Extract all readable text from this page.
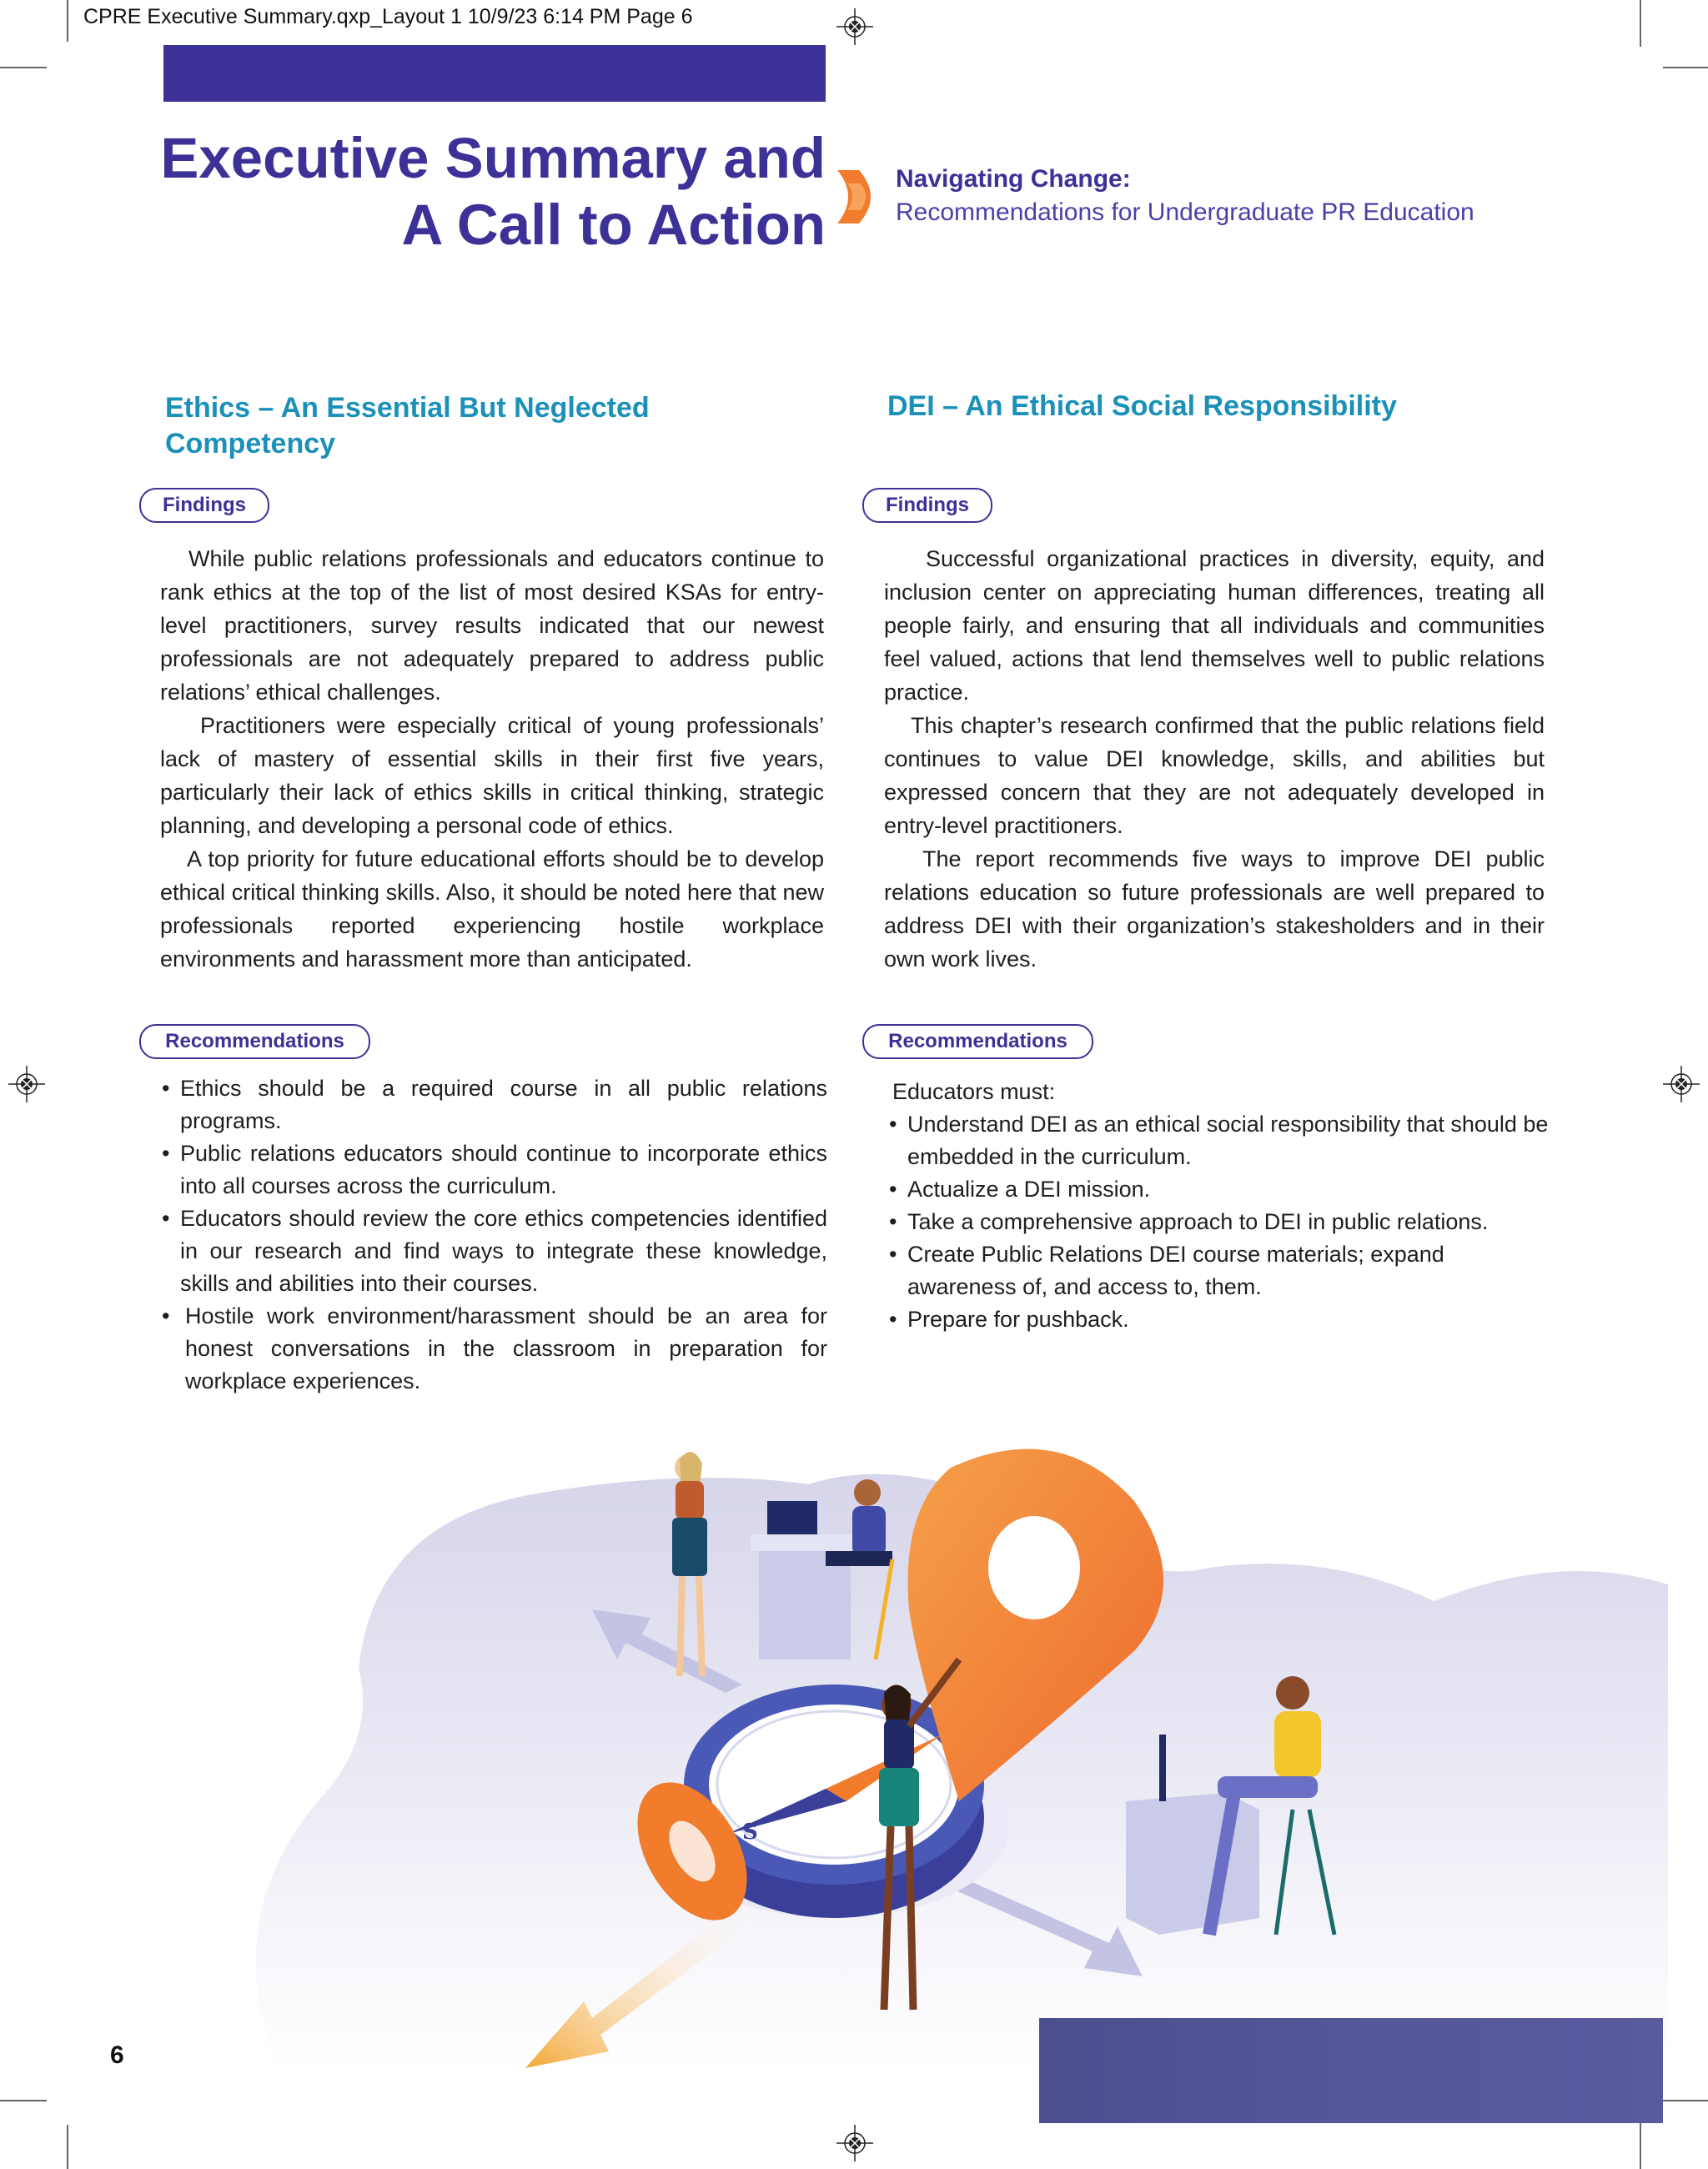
CPRE Executive Summary.qxp_Layout 1 10/9/23 6:14 PM Page 6
Executive Summary and
A Call to Action
Navigating Change:
Recommendations for Undergraduate PR Education
Ethics – An Essential But Neglected
Competency
Findings

While public relations professionals and educators continue to rank ethics at the top of the list of most desired KSAs for entry-level practitioners, survey results indicated that our newest professionals are not adequately prepared to address public relations’ ethical challenges.

Practitioners were especially critical of young professionals’ lack of mastery of essential skills in their first five years, particularly their lack of ethics skills in critical thinking, strategic planning, and developing a personal code of ethics.

A top priority for future educational efforts should be to develop ethical critical thinking skills. Also, it should be noted here that new professionals reported experiencing hostile workplace environments and harassment more than anticipated.

Recommendations
• Ethics should be a required course in all public relations programs.
• Public relations educators should continue to incorporate ethics into all courses across the curriculum.
• Educators should review the core ethics competencies identified in our research and find ways to integrate these knowledge, skills and abilities into their courses.
• Hostile work environment/harassment should be an area for honest conversations in the classroom in preparation for workplace experiences.
DEI – An Ethical Social Responsibility
Findings

Successful organizational practices in diversity, equity, and inclusion center on appreciating human differences, treating all people fairly, and ensuring that all individuals and communities feel valued, actions that lend themselves well to public relations practice.

This chapter’s research confirmed that the public relations field continues to value DEI knowledge, skills, and abilities but expressed concern that they are not adequately developed in entry-level practitioners.

The report recommends five ways to improve DEI public relations education so future professionals are well prepared to address DEI with their organization’s stakesholders and in their own work lives.

Recommendations
Educators must:
• Understand DEI as an ethical social responsibility that should be embedded in the curriculum.
• Actualize a DEI mission.
• Take a comprehensive approach to DEI in public relations.
• Create Public Relations DEI course materials; expand awareness of, and access to, them.
• Prepare for pushback.
S
6
